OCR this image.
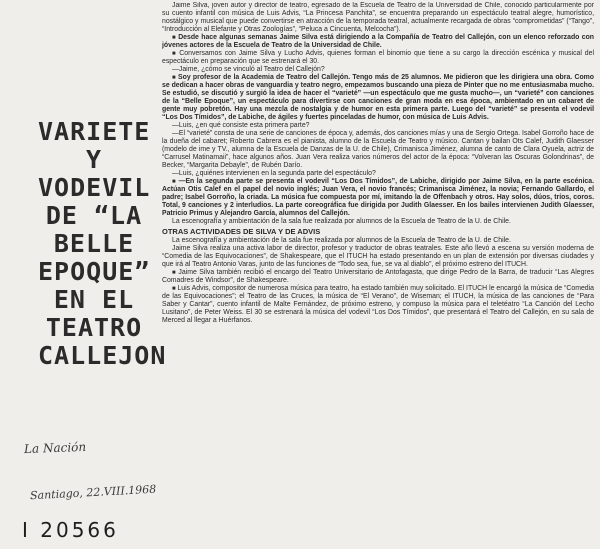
VARIETE
Y VODEVIL
DE “LA
BELLE
EPOQUE”
EN EL
TEATRO
CALLEJON
La Nación
Santiago, 22.VIII.1968
I 20566

Jaime Silva, joven autor y director de teatro, egresado de la Escuela de Teatro de la Universidad de Chile, conocido particularmente por su cuento infantil con música de Luis Advis, “La Princesa Panchita”, se encuentra preparando un espectáculo teatral alegre, humorístico, nostálgico y musical que puede convertirse en atracción de la temporada teatral, actualmente recargada de obras “comprometidas” (“Tango”, “Introducción al Elefante y Otras Zoologías”, “Peluca a Cincuenta, Melcocha”).

■ Desde hace algunas semanas Jaime Silva está dirigiendo a la Compañía de Teatro del Callejón, con un elenco reforzado con jóvenes actores de la Escuela de Teatro de la Universidad de Chile.

■ Conversamos con Jaime Silva y Lucho Advis, quienes forman el binomio que tiene a su cargo la dirección escénica y musical del espectáculo en preparación que se estrenará el 30.

—Jaime, ¿cómo se vinculó al Teatro del Callejón?

■ Soy profesor de la Academia de Teatro del Callejón. Tengo más de 25 alumnos. Me pidieron que les dirigiera una obra. Como se dedican a hacer obras de vanguardia y teatro negro, empezamos buscando una pieza de Pinter que no me entusiasmaba mucho. Se estudió, se discutió y surgió la idea de hacer el “varieté” —un espectáculo que me gusta mucho—, un “varieté” con canciones de la “Belle Epoque”, un espectáculo para divertirse con canciones de gran moda en esa época, ambientado en un cabaret de gente muy pobretón. Hay una mezcla de nostalgia y de humor en esta primera parte. Luego del “varieté” se presenta el vodevil “Los Dos Tímidos”, de Labiche, de ágiles y fuertes pinceladas de humor, con música de Luis Advis.

—Luis, ¿en qué consiste esta primera parte?

—El “varieté” consta de una serie de canciones de época y, además, dos canciones mías y una de Sergio Ortega. Isabel Gorroño hace de la dueña del cabaret; Roberto Cabrera es el pianista, alumno de la Escuela de Teatro y músico. Cantan y bailan Ots Calef, Judith Glaesser (modelo de ime y TV., alumna de la Escuela de Danzas de la U. de Chile), Crimanisca Jiménez, alumna de canto de Clara Oyuela, actriz de “Carrusel Matinamaii”, hace algunos años. Juan Vera realiza varios números del actor de la época: “Volveran las Oscuras Golondrinas”, de Becker, “Margarita Debayle”, de Rubén Darío.

—Luis, ¿quiénes intervienen en la segunda parte del espectáculo?

■ —En la segunda parte se presenta el vodevil “Los Dos Tímidos”, de Labiche, dirigido por Jaime Silva, en la parte escénica. Actúan Otis Calef en el papel del novio inglés; Juan Vera, el novio francés; Crimanisca Jiménez, la novia; Fernando Gallardo, el padre; Isabel Gorroño, la criada. La música fue compuesta por mí, imitando la de Offenbach y otros. Hay solos, dúos, tríos, coros. Total, 9 canciones y 2 interludios. La parte coreográfica fue dirigida por Judith Glaesser. En los bailes intervienen Judith Glaesser, Patricio Primus y Alejandro García, alumnos del Callejón.

La escenografía y ambientación de la sala fue realizada por alumnos de la Escuela de Teatro de la U. de Chile.

OTRAS ACTIVIDADES DE SILVA Y DE ADVIS

La escenografía y ambientación de la sala fue realizada por alumnos de la Escuela de Teatro de la U. de Chile.

Jaime Silva realiza una activa labor de director, profesor y traductor de obras teatrales. Este año llevó a escena su versión moderna de “Comedia de las Equivocaciones”, de Shakespeare, que el ITUCH ha estado presentando en un plan de extensión por diversas ciudades y que irá al Teatro Antonio Varas, junto de las funciones de “Todo sea, fue, se va al diablo”, el próximo estreno del ITUCH.

■ Jaime Silva también recibió el encargo del Teatro Universitario de Antofagasta, que dirige Pedro de la Barra, de traducir “Las Alegres Comadres de Windsor”, de Shakespeare.

■ Luis Advis, compositor de numerosa música para teatro, ha estado también muy solicitado. El ITUCH le encargó la música de “Comedia de las Equivocaciones”; el Teatro de las Cruces, la música de “El Verano”, de Wiseman; el ITUCH, la música de las canciones de “Para Saber y Cantar”, cuento infantil de Malte Fernández, de próximo estreno, y compuso la música para el teletéatro “La Canción del Lecho Lusitano”, de Peter Weiss. El 30 se estrenará la música del vodevil “Los Dos Tímidos”, que presentará el Teatro del Callejón, en su sala de Merced al llegar a Huérfanos.
